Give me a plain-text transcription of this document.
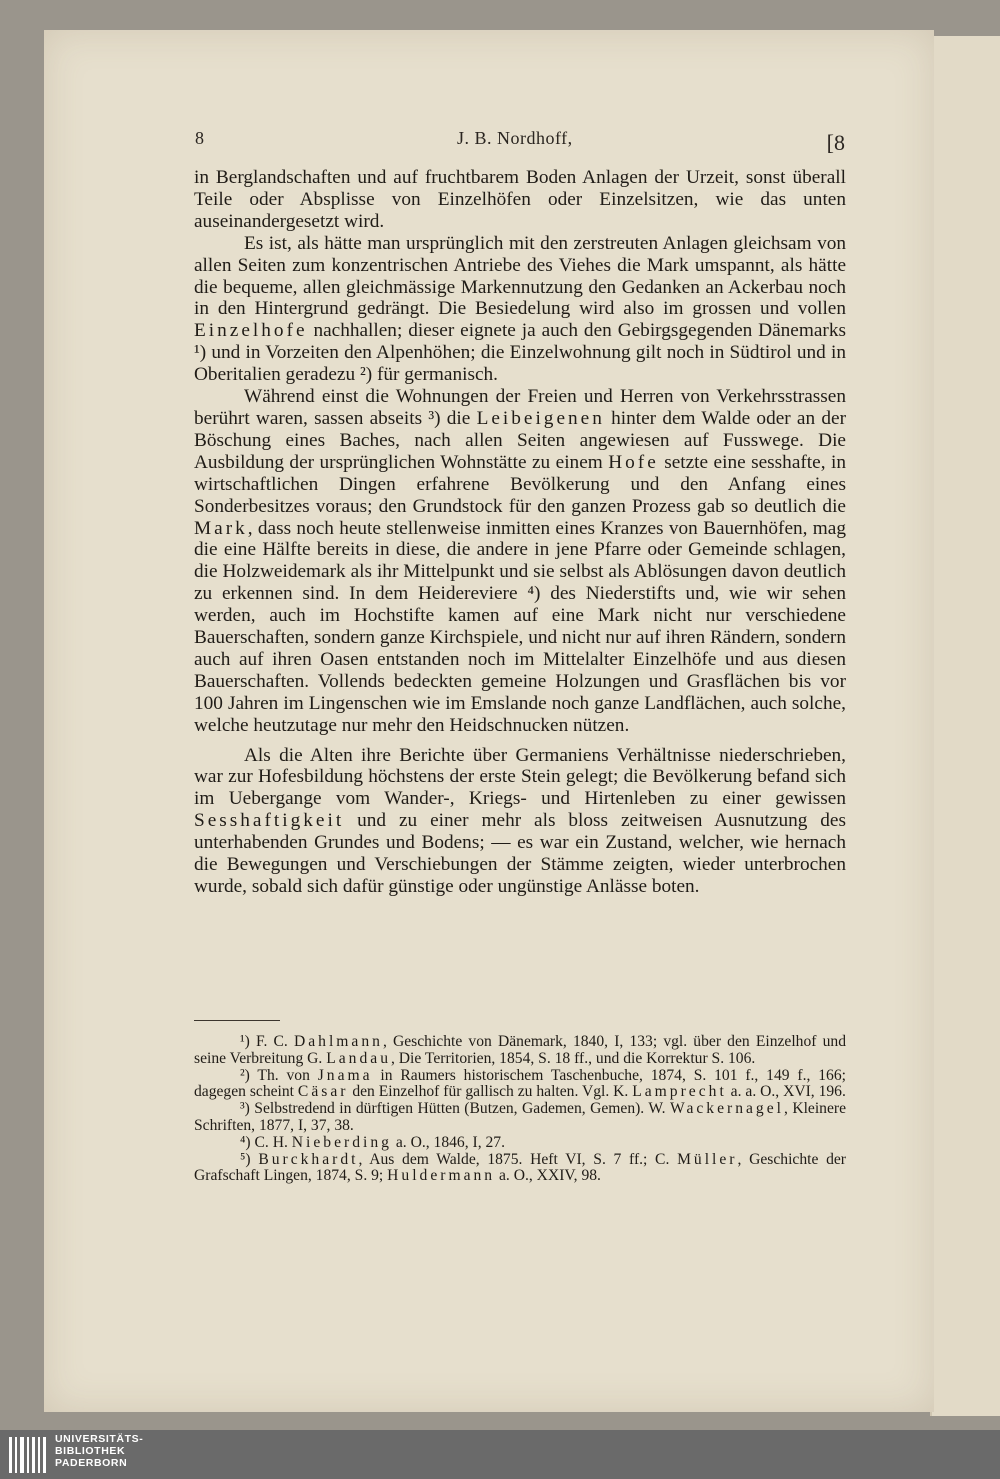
8	J. B. Nordhoff,	[8

in Berglandschaften und auf fruchtbarem Boden Anlagen der Urzeit, sonst überall Teile oder Absplisse von Einzelhöfen oder Einzelsitzen, wie das unten auseinandergesetzt wird.

Es ist, als hätte man ursprünglich mit den zerstreuten Anlagen gleichsam von allen Seiten zum konzentrischen Antriebe des Viehes die Mark umspannt, als hätte die bequeme, allen gleichmässige Markennutzung den Gedanken an Ackerbau noch in den Hintergrund gedrängt. Die Besiedelung wird also im grossen und vollen Einzelhofe nachhallen; dieser eignete ja auch den Gebirgsgegenden Dänemarks ¹) und in Vorzeiten den Alpenhöhen; die Einzelwohnung gilt noch in Südtirol und in Oberitalien geradezu ²) für germanisch.

Während einst die Wohnungen der Freien und Herren von Verkehrsstrassen berührt waren, sassen abseits ³) die Leibeigenen hinter dem Walde oder an der Böschung eines Baches, nach allen Seiten angewiesen auf Fusswege. Die Ausbildung der ursprünglichen Wohnstätte zu einem Hofe setzte eine sesshafte, in wirtschaftlichen Dingen erfahrene Bevölkerung und den Anfang eines Sonderbesitzes voraus; den Grundstock für den ganzen Prozess gab so deutlich die Mark, dass noch heute stellenweise inmitten eines Kranzes von Bauernhöfen, mag die eine Hälfte bereits in diese, die andere in jene Pfarre oder Gemeinde schlagen, die Holzweidemark als ihr Mittelpunkt und sie selbst als Ablösungen davon deutlich zu erkennen sind. In dem Heidereviere ⁴) des Niederstifts und, wie wir sehen werden, auch im Hochstifte kamen auf eine Mark nicht nur verschiedene Bauerschaften, sondern ganze Kirchspiele, und nicht nur auf ihren Rändern, sondern auch auf ihren Oasen entstanden noch im Mittelalter Einzelhöfe und aus diesen Bauerschaften. Vollends bedeckten gemeine Holzungen und Grasflächen bis vor 100 Jahren im Lingenschen wie im Emslande noch ganze Landflächen, auch solche, welche heutzutage nur mehr den Heidschnucken nützen.

Als die Alten ihre Berichte über Germaniens Verhältnisse niederschrieben, war zur Hofesbildung höchstens der erste Stein gelegt; die Bevölkerung befand sich im Uebergange vom Wander-, Kriegs- und Hirtenleben zu einer gewissen Sesshaftigkeit und zu einer mehr als bloss zeitweisen Ausnutzung des unterhabenden Grundes und Bodens; — es war ein Zustand, welcher, wie hernach die Bewegungen und Verschiebungen der Stämme zeigten, wieder unterbrochen wurde, sobald sich dafür günstige oder ungünstige Anlässe boten.

¹) F. C. Dahlmann, Geschichte von Dänemark, 1840, I, 133; vgl. über den Einzelhof und seine Verbreitung G. Landau, Die Territorien, 1854, S. 18 ff., und die Korrektur S. 106.

²) Th. von Jnama in Raumers historischem Taschenbuche, 1874, S. 101 f., 149 f., 166; dagegen scheint Cäsar den Einzelhof für gallisch zu halten. Vgl. K. Lamprecht a. a. O., XVI, 196.

³) Selbstredend in dürftigen Hütten (Butzen, Gademen, Gemen). W. Wackernagel, Kleinere Schriften, 1877, I, 37, 38.

⁴) C. H. Nieberding a. O., 1846, I, 27.

⁵) Burckhardt, Aus dem Walde, 1875. Heft VI, S. 7 ff.; C. Müller, Geschichte der Grafschaft Lingen, 1874, S. 9; Huldermann a. O., XXIV, 98.

UNIVERSITÄTS-
BIBLIOTHEK
PADERBORN
